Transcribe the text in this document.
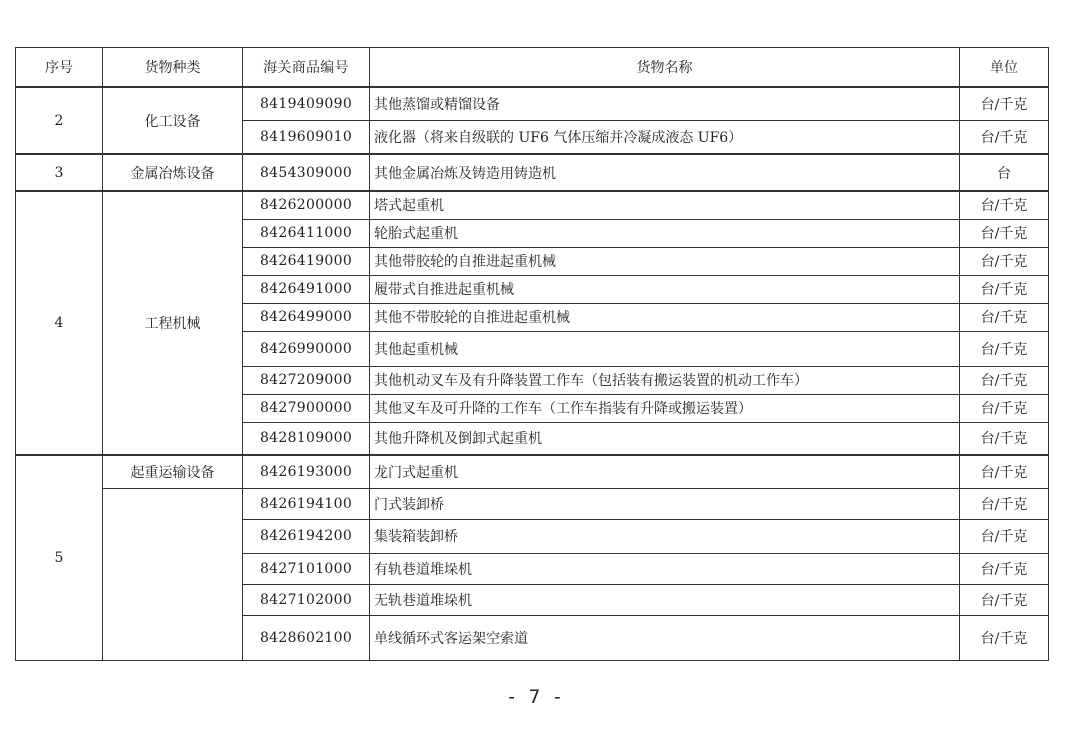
序号	货物种类	海关商品编号	货物名称	单位
2	化工设备	8419409090	其他蒸馏或精馏设备	台/千克
		8419609010	液化器（将来自级联的 UF6 气体压缩并冷凝成液态 UF6）	台/千克
3	金属冶炼设备	8454309000	其他金属冶炼及铸造用铸造机	台
4	工程机械	8426200000	塔式起重机	台/千克
		8426411000	轮胎式起重机	台/千克
		8426419000	其他带胶轮的自推进起重机械	台/千克
		8426491000	履带式自推进起重机械	台/千克
		8426499000	其他不带胶轮的自推进起重机械	台/千克
		8426990000	其他起重机械	台/千克
		8427209000	其他机动叉车及有升降装置工作车（包括装有搬运装置的机动工作车）	台/千克
		8427900000	其他叉车及可升降的工作车（工作车指装有升降或搬运装置）	台/千克
		8428109000	其他升降机及倒卸式起重机	台/千克
5	起重运输设备	8426193000	龙门式起重机	台/千克
		8426194100	门式装卸桥	台/千克
		8426194200	集装箱装卸桥	台/千克
		8427101000	有轨巷道堆垛机	台/千克
		8427102000	无轨巷道堆垛机	台/千克
		8428602100	单线循环式客运架空索道	台/千克
- 7 -
